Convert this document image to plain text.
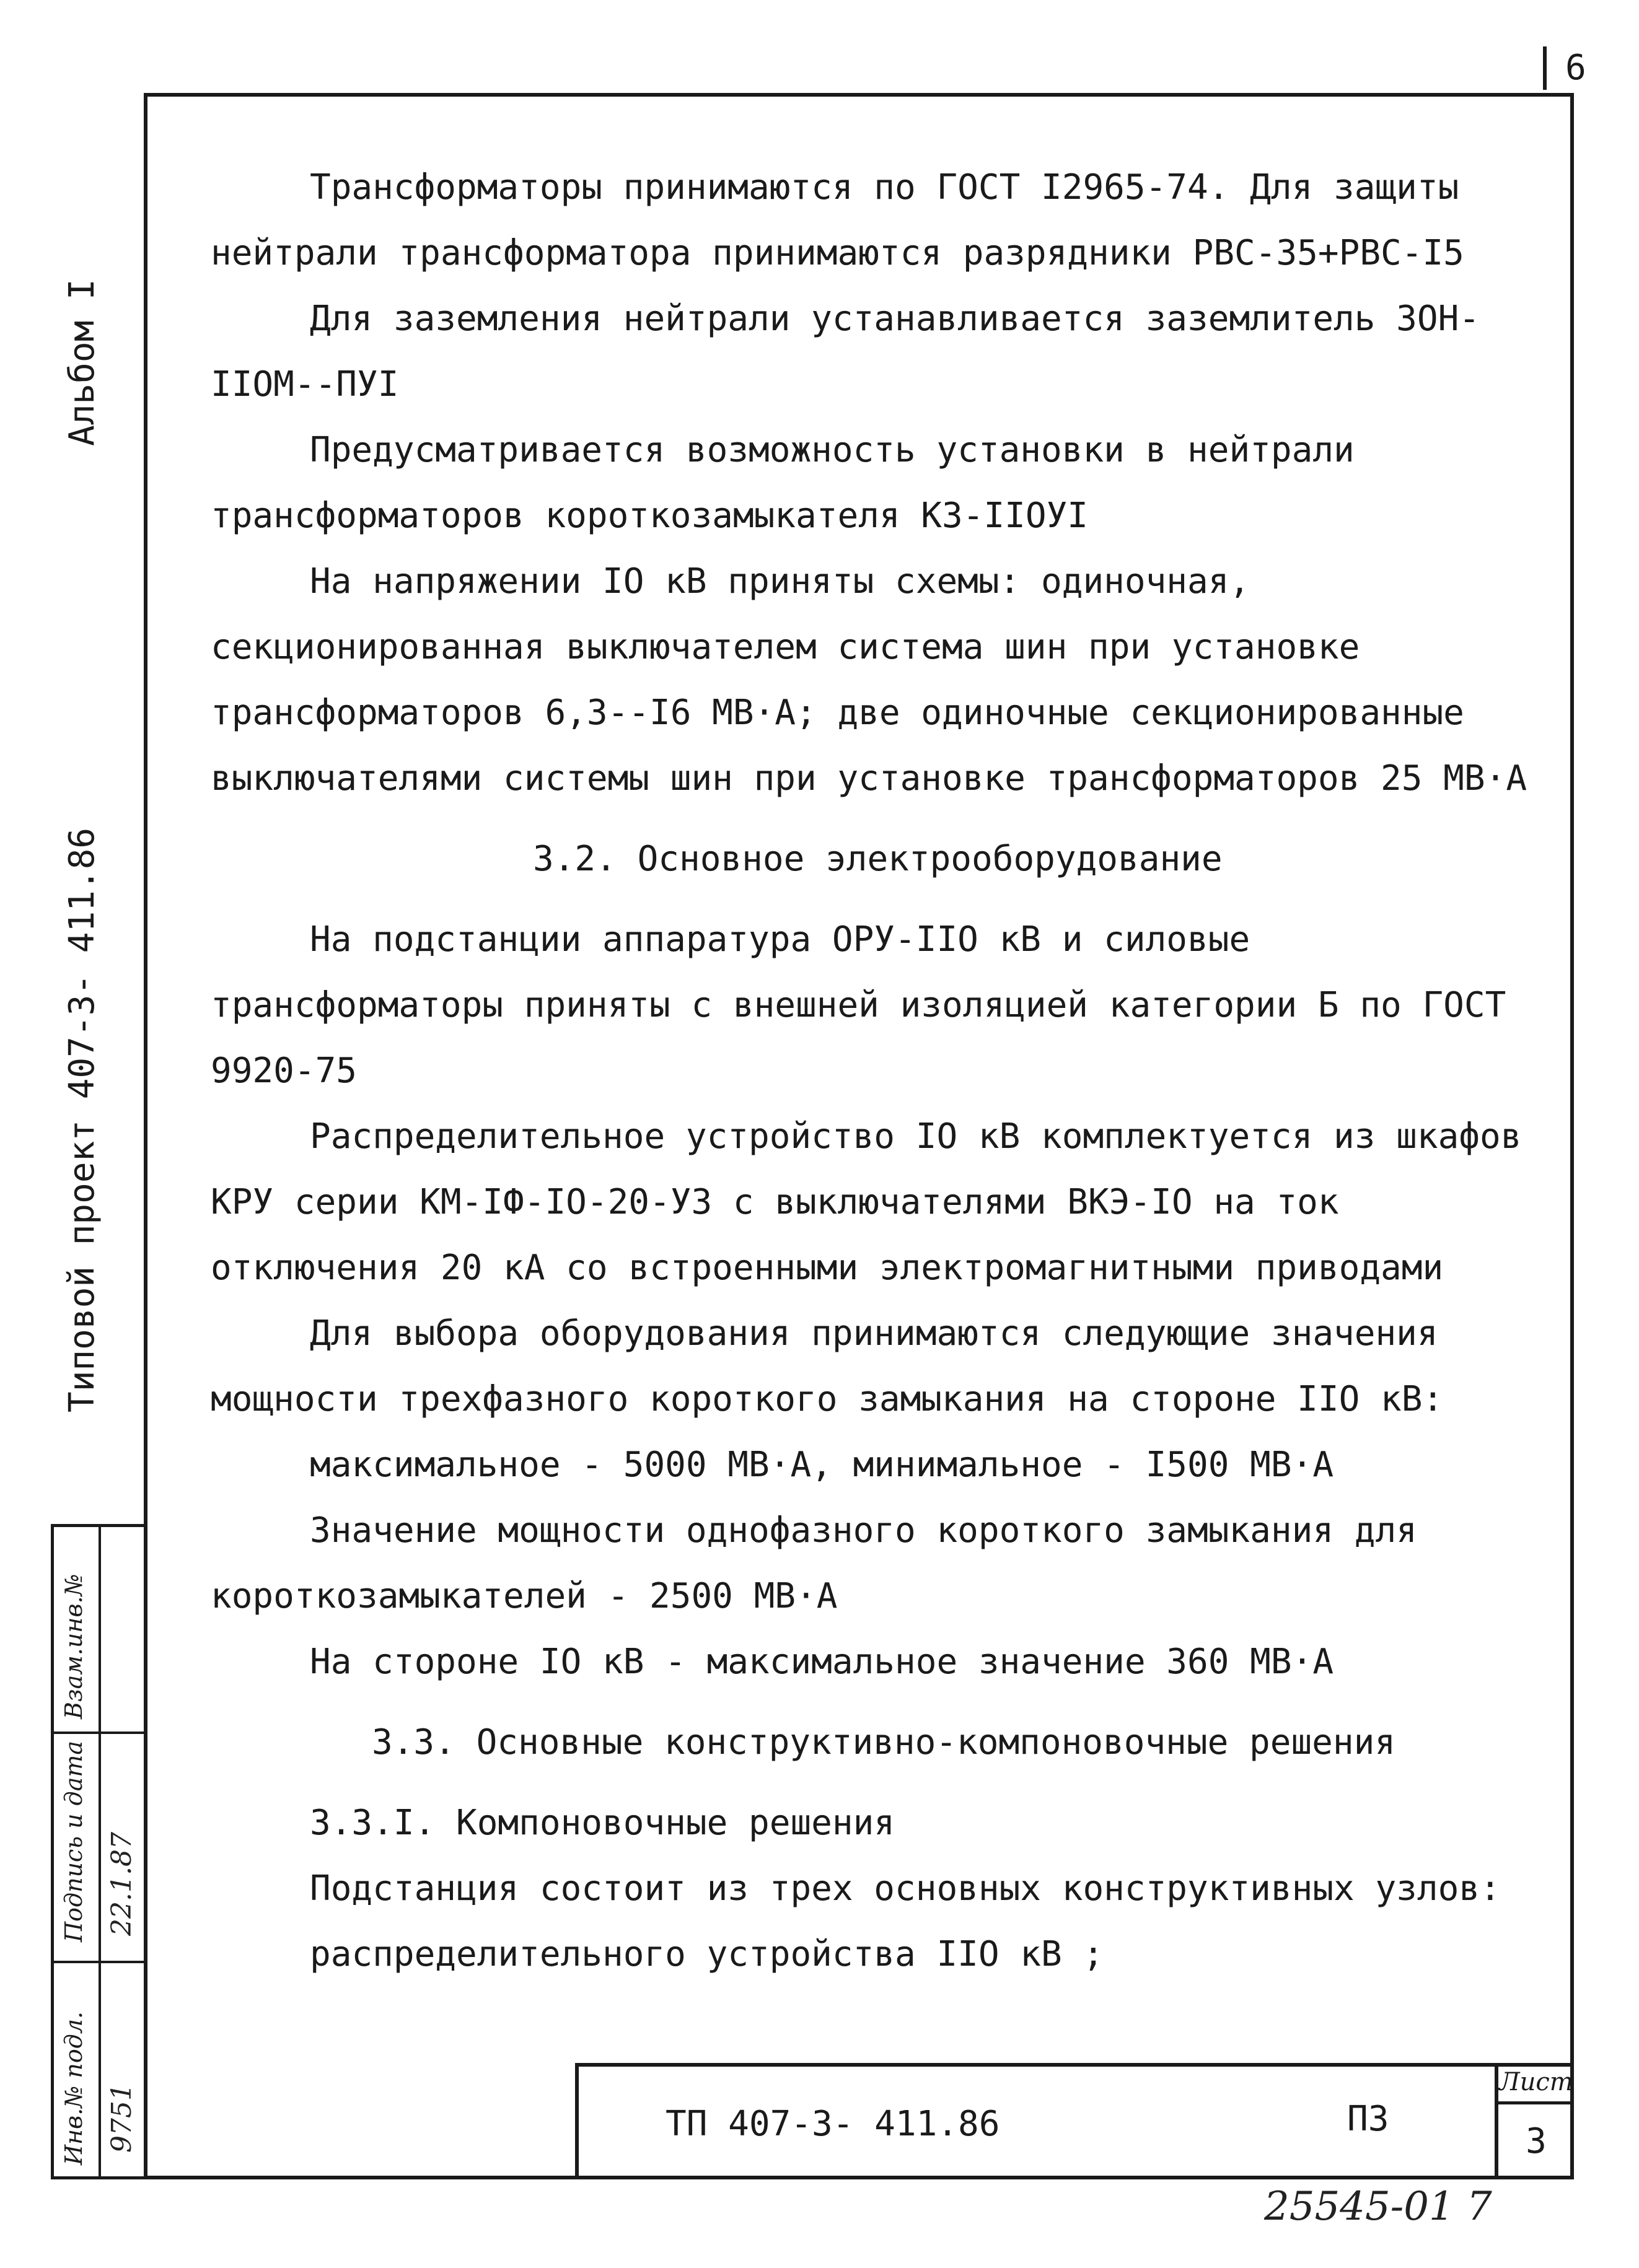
6
Альбом I
Типовой проект 407-3- 411.86
Инв.№ подл.
Подпись и дата
Взам.инв.№
9751
22.1.87

Трансформаторы принимаются по ГОСТ I2965-74. Для защиты нейтрали трансформатора принимаются разрядники РВС-35+РВС-I5

Для заземления нейтрали устанавливается заземлитель ЗОН-IIОМ--ПУI

Предусматривается возможность установки в нейтрали трансформаторов короткозамыкателя КЗ-IIОУI

На напряжении IO кВ приняты схемы: одиночная, секционированная выключателем система шин при установке трансформаторов 6,3--I6 МВ·А; две одиночные секционированные выключателями системы шин при установке трансформаторов 25 МВ·А

3.2. Основное электрооборудование

На подстанции аппаратура ОРУ-IIО кВ и силовые трансформаторы приняты с внешней изоляцией категории Б по ГОСТ 9920-75

Распределительное устройство IO кВ комплектуется из шкафов КРУ серии КМ-IФ-IO-20-У3 с выключателями ВКЭ-IO на ток отключения 20 кА со встроенными электромагнитными приводами

Для выбора оборудования принимаются следующие значения мощности трехфазного короткого замыкания на стороне IIО кВ:

максимальное - 5000 МВ·А, минимальное - I500 МВ·А

Значение мощности однофазного короткого замыкания для короткозамыкателей - 2500 МВ·А

На стороне IO кВ - максимальное значение 360 МВ·А

3.3. Основные конструктивно-компоновочные решения

3.3.I. Компоновочные решения

Подстанция состоит из трех основных конструктивных узлов:

распределительного устройства IIО кВ ;

ТП 407-3- 411.86	ПЗ
Лист
3
25545-01 7
